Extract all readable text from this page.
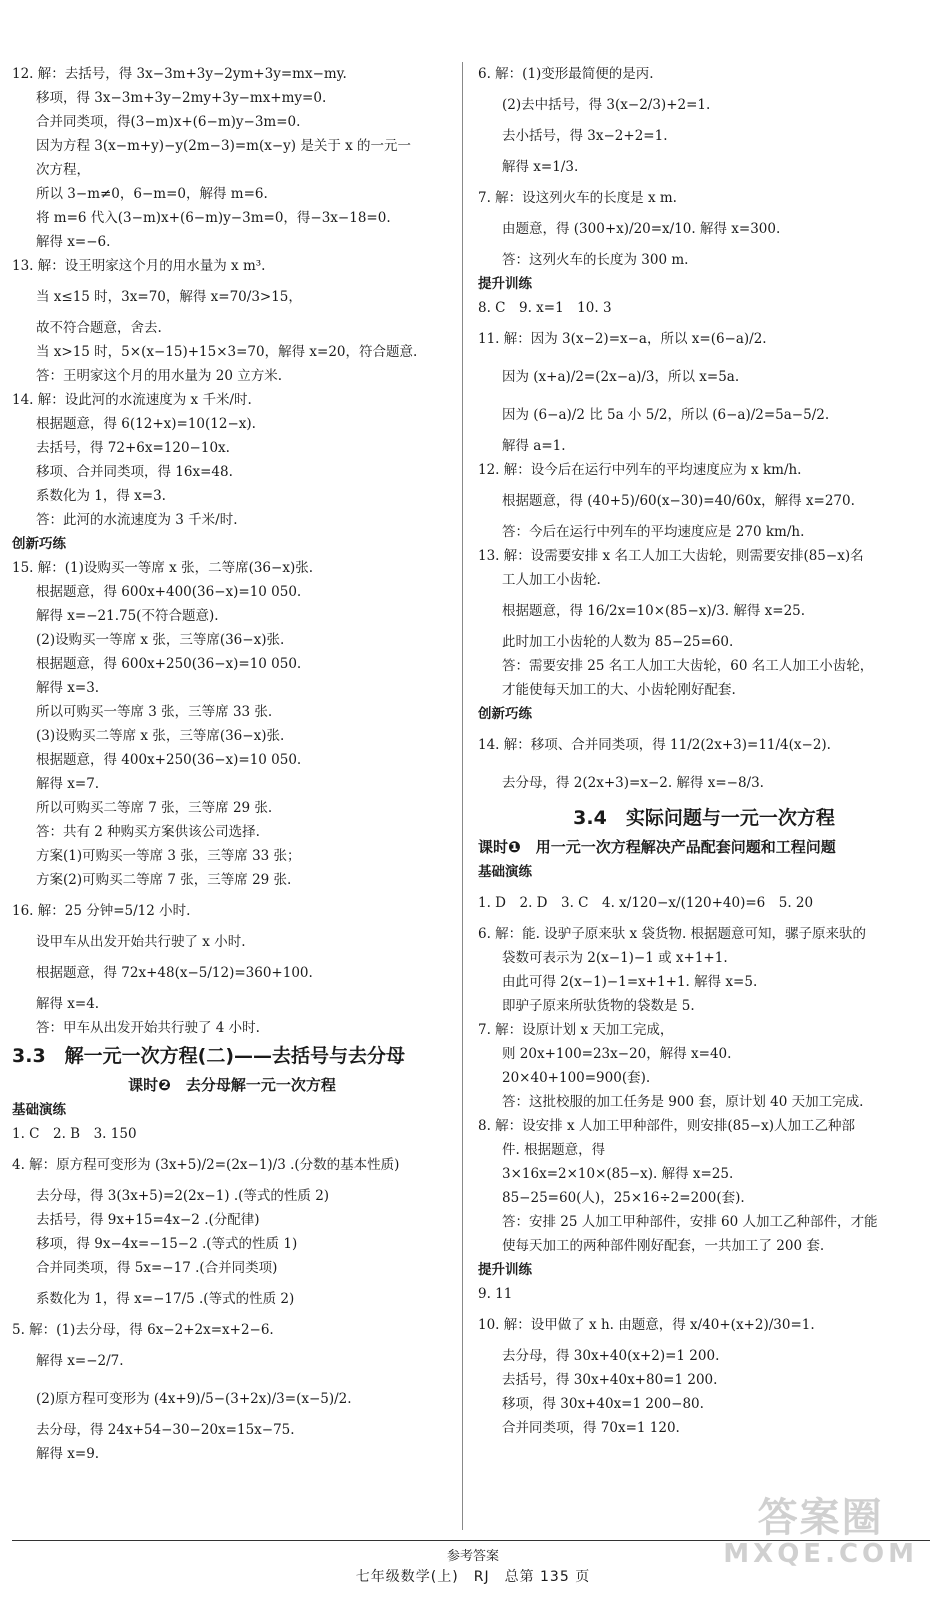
12. 解：去括号，得 3x−3m+3y−2ym+3y=mx−my.
移项，得 3x−3m+3y−2my+3y−mx+my=0.
合并同类项，得(3−m)x+(6−m)y−3m=0.
因为方程 3(x−m+y)−y(2m−3)=m(x−y) 是关于 x 的一元一
次方程，
所以 3−m≠0，6−m=0，解得 m=6.
将 m=6 代入(3−m)x+(6−m)y−3m=0，得−3x−18=0.
解得 x=−6.
13. 解：设王明家这个月的用水量为 x m³.
当 x≤15 时，3x=70，解得 x=70/3>15，
故不符合题意，舍去.
当 x>15 时，5×(x−15)+15×3=70，解得 x=20，符合题意.
答：王明家这个月的用水量为 20 立方米.
14. 解：设此河的水流速度为 x 千米/时.
根据题意，得 6(12+x)=10(12−x).
去括号，得 72+6x=120−10x.
移项、合并同类项，得 16x=48.
系数化为 1，得 x=3.
答：此河的水流速度为 3 千米/时.
创新巧练
15. 解：(1)设购买一等席 x 张，二等席(36−x)张.
根据题意，得 600x+400(36−x)=10 050.
解得 x=−21.75(不符合题意).
(2)设购买一等席 x 张，三等席(36−x)张.
根据题意，得 600x+250(36−x)=10 050.
解得 x=3.
所以可购买一等席 3 张，三等席 33 张.
(3)设购买二等席 x 张，三等席(36−x)张.
根据题意，得 400x+250(36−x)=10 050.
解得 x=7.
所以可购买二等席 7 张，三等席 29 张.
答：共有 2 种购买方案供该公司选择.
方案(1)可购买一等席 3 张，三等席 33 张；
方案(2)可购买二等席 7 张，三等席 29 张.
16. 解：25 分钟=5/12 小时.
设甲车从出发开始共行驶了 x 小时.
根据题意，得 72x+48(x−5/12)=360+100.
解得 x=4.
答：甲车从出发开始共行驶了 4 小时.
3.3　解一元一次方程(二)——去括号与去分母
课时❷　去分母解一元一次方程
基础演练
1. C　2. B　3. 150
4. 解：原方程可变形为 (3x+5)/2=(2x−1)/3 .(分数的基本性质)
去分母，得 3(3x+5)=2(2x−1) .(等式的性质 2)
去括号，得 9x+15=4x−2 .(分配律)
移项，得 9x−4x=−15−2 .(等式的性质 1)
合并同类项，得 5x=−17 .(合并同类项)
系数化为 1，得 x=−17/5 .(等式的性质 2)
5. 解：(1)去分母，得 6x−2+2x=x+2−6.
解得 x=−2/7.
(2)原方程可变形为 (4x+9)/5−(3+2x)/3=(x−5)/2.
去分母，得 24x+54−30−20x=15x−75.
解得 x=9.
6. 解：(1)变形最简便的是丙.
(2)去中括号，得 3(x−2/3)+2=1.
去小括号，得 3x−2+2=1.
解得 x=1/3.
7. 解：设这列火车的长度是 x m.
由题意，得 (300+x)/20=x/10. 解得 x=300.
答：这列火车的长度为 300 m.
提升训练
8. C　9. x=1　10. 3
11. 解：因为 3(x−2)=x−a，所以 x=(6−a)/2.
因为 (x+a)/2=(2x−a)/3，所以 x=5a.
因为 (6−a)/2 比 5a 小 5/2，所以 (6−a)/2=5a−5/2.
解得 a=1.
12. 解：设今后在运行中列车的平均速度应为 x km/h.
根据题意，得 (40+5)/60(x−30)=40/60x，解得 x=270.
答：今后在运行中列车的平均速度应是 270 km/h.
13. 解：设需要安排 x 名工人加工大齿轮，则需要安排(85−x)名
工人加工小齿轮.
根据题意，得 16/2x=10×(85−x)/3. 解得 x=25.
此时加工小齿轮的人数为 85−25=60.
答：需要安排 25 名工人加工大齿轮，60 名工人加工小齿轮，
才能使每天加工的大、小齿轮刚好配套.
创新巧练
14. 解：移项、合并同类项，得 11/2(2x+3)=11/4(x−2).
去分母，得 2(2x+3)=x−2. 解得 x=−8/3.
3.4　实际问题与一元一次方程
课时❶　用一元一次方程解决产品配套问题和工程问题
基础演练
1. D　2. D　3. C　4. x/120−x/(120+40)=6　5. 20
6. 解：能. 设驴子原来驮 x 袋货物. 根据题意可知，骡子原来驮的
袋数可表示为 2(x−1)−1 或 x+1+1.
由此可得 2(x−1)−1=x+1+1. 解得 x=5.
即驴子原来所驮货物的袋数是 5.
7. 解：设原计划 x 天加工完成，
则 20x+100=23x−20，解得 x=40.
20×40+100=900(套).
答：这批校服的加工任务是 900 套，原计划 40 天加工完成.
8. 解：设安排 x 人加工甲种部件，则安排(85−x)人加工乙种部
件. 根据题意，得
3×16x=2×10×(85−x). 解得 x=25.
85−25=60(人)，25×16÷2=200(套).
答：安排 25 人加工甲种部件，安排 60 人加工乙种部件，才能
使每天加工的两种部件刚好配套，一共加工了 200 套.
提升训练
9. 11
10. 解：设甲做了 x h. 由题意，得 x/40+(x+2)/30=1.
去分母，得 30x+40(x+2)=1 200.
去括号，得 30x+40x+80=1 200.
移项，得 30x+40x=1 200−80.
合并同类项，得 70x=1 120.
参考答案
七年级数学(上)　RJ　总第 135 页
答案圈
MXQE.COM
